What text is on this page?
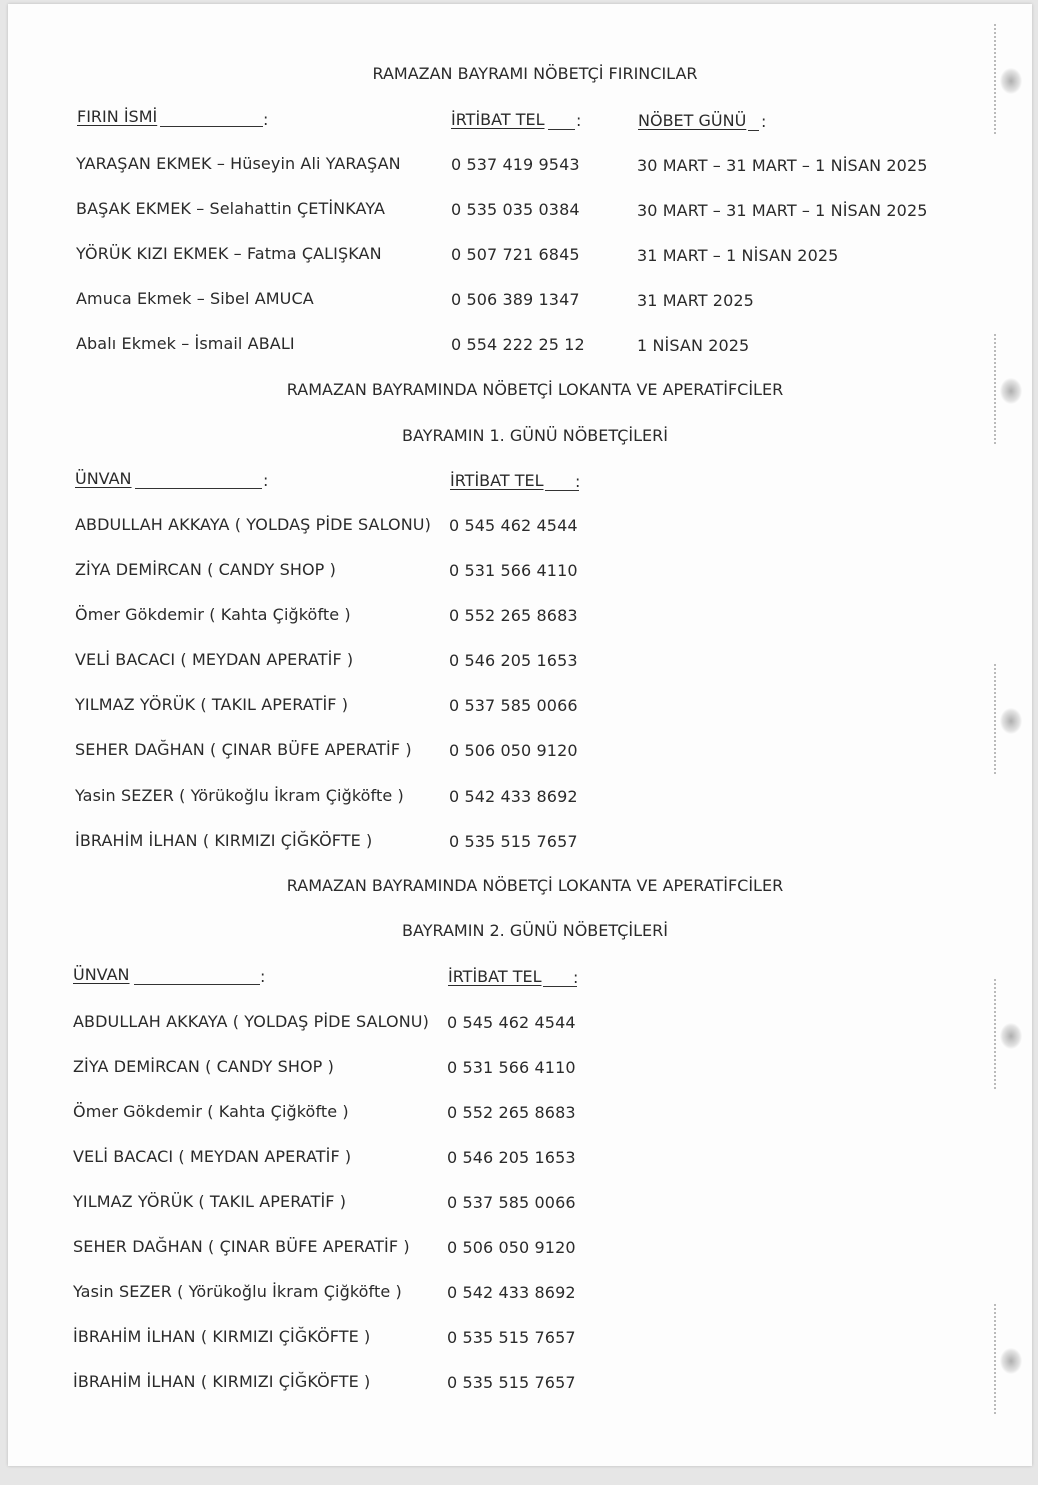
RAMAZAN BAYRAMI NÖBETÇİ FIRINCILAR
FIRIN İSMİ	:	İRTİBAT TEL :	NÖBET GÜNÜ :
YARAŞAN EKMEK – Hüseyin Ali YARAŞAN	0 537 419 9543	30 MART – 31 MART – 1 NİSAN 2025
BAŞAK EKMEK – Selahattin ÇETİNKAYA	0 535 035 0384	30 MART – 31 MART – 1 NİSAN 2025
YÖRÜK KIZI EKMEK – Fatma ÇALIŞKAN	0 507 721 6845	31 MART – 1 NİSAN 2025
Amuca Ekmek – Sibel AMUCA	0 506 389 1347	31 MART 2025
Abalı Ekmek – İsmail ABALI	0 554 222 25 12	1 NİSAN 2025
RAMAZAN BAYRAMINDA NÖBETÇİ LOKANTA VE APERATİFCİLER
BAYRAMIN 1. GÜNÜ NÖBETÇİLERİ
ÜNVAN	:	İRTİBAT TEL :
ABDULLAH AKKAYA ( YOLDAŞ PİDE SALONU) 0 545 462 4544
ZİYA DEMİRCAN ( CANDY SHOP )	0 531 566 4110
Ömer Gökdemir ( Kahta Çiğköfte )	0 552 265 8683
VELİ BACACI ( MEYDAN APERATİF )	0 546 205 1653
YILMAZ YÖRÜK ( TAKIL APERATİF )	0 537 585 0066
SEHER DAĞHAN ( ÇINAR BÜFE APERATİF ) 0 506 050 9120
Yasin SEZER ( Yörükoğlu İkram Çiğköfte )	0 542 433 8692
İBRAHİM İLHAN ( KIRMIZI ÇİĞKÖFTE )	0 535 515 7657
RAMAZAN BAYRAMINDA NÖBETÇİ LOKANTA VE APERATİFCİLER
BAYRAMIN 2. GÜNÜ NÖBETÇİLERİ
ÜNVAN	:	İRTİBAT TEL :
ABDULLAH AKKAYA ( YOLDAŞ PİDE SALONU) 0 545 462 4544
ZİYA DEMİRCAN ( CANDY SHOP )	0 531 566 4110
Ömer Gökdemir ( Kahta Çiğköfte )	0 552 265 8683
VELİ BACACI ( MEYDAN APERATİF )	0 546 205 1653
YILMAZ YÖRÜK ( TAKIL APERATİF )	0 537 585 0066
SEHER DAĞHAN ( ÇINAR BÜFE APERATİF ) 0 506 050 9120
Yasin SEZER ( Yörükoğlu İkram Çiğköfte )	0 542 433 8692
İBRAHİM İLHAN ( KIRMIZI ÇİĞKÖFTE )	0 535 515 7657
İBRAHİM İLHAN ( KIRMIZI ÇİĞKÖFTE )	0 535 515 7657
